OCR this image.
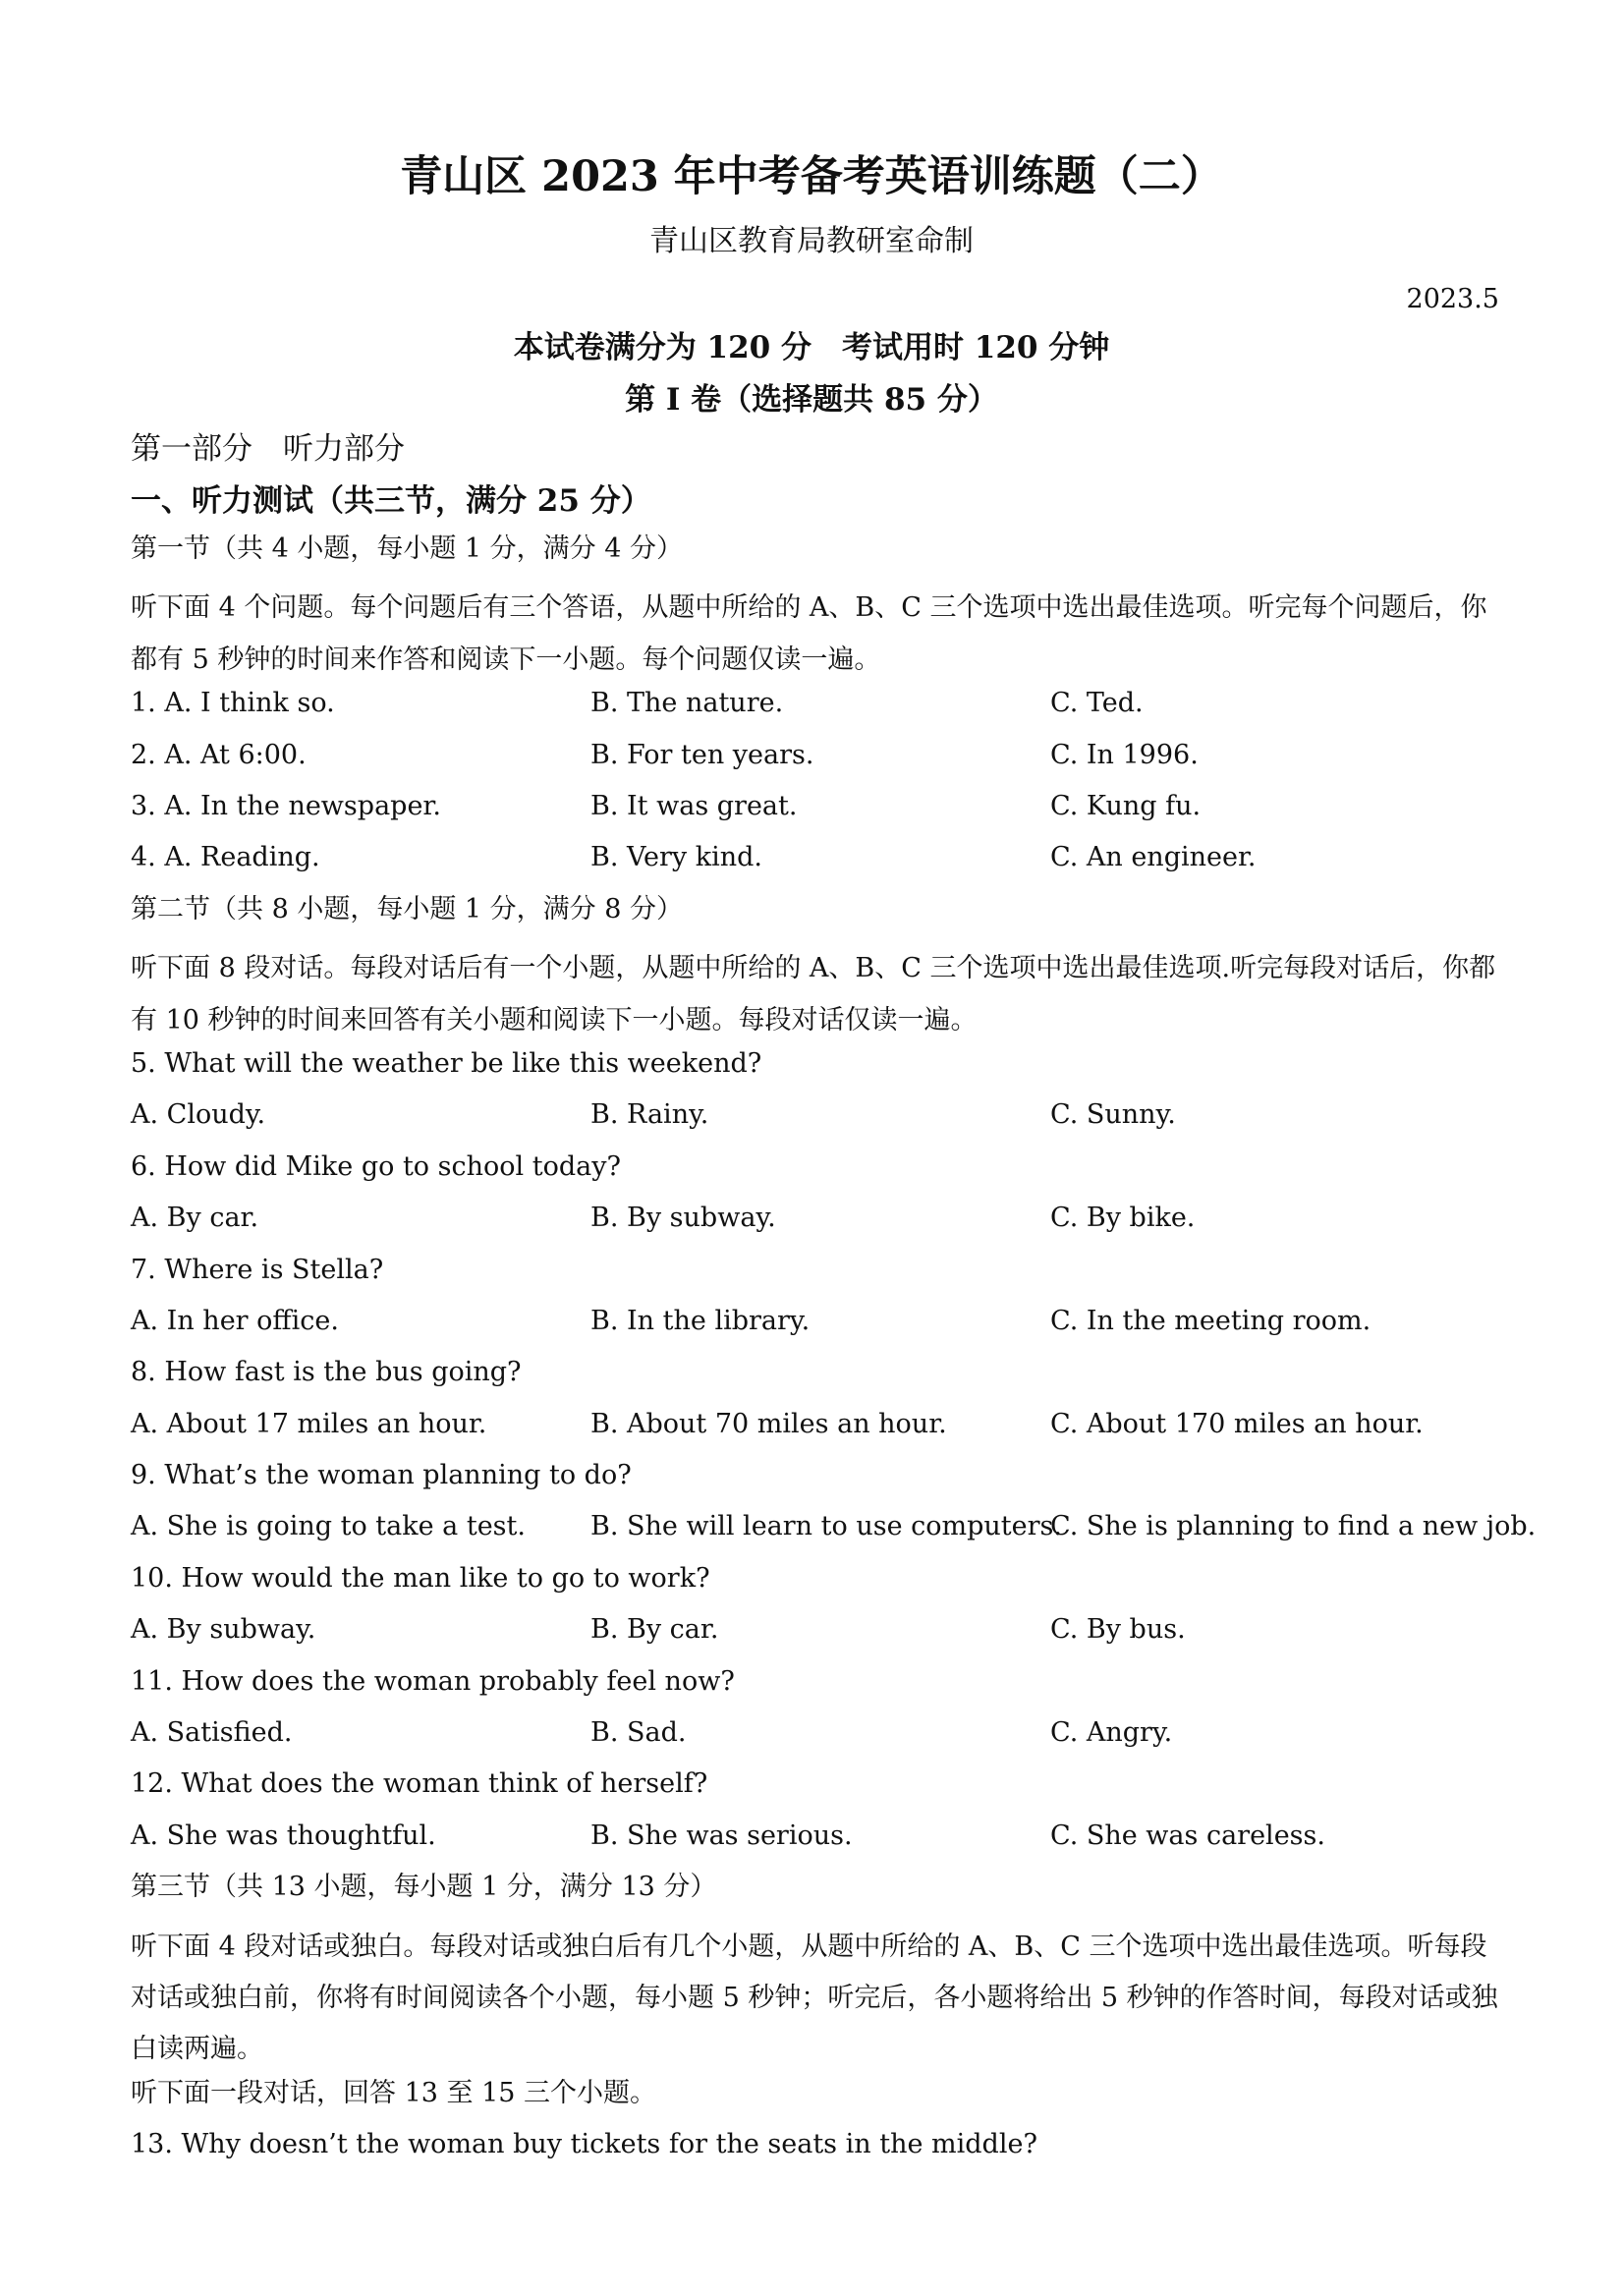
青山区 2023 年中考备考英语训练题（二）
青山区教育局教研室命制
2023.5
本试卷满分为 120 分　考试用时 120 分钟
第 I 卷（选择题共 85 分）
第一部分　听力部分
一、听力测试（共三节，满分 25 分）
第一节（共 4 小题，每小题 1 分，满分 4 分）
听下面 4 个问题。每个问题后有三个答语，从题中所给的 A、B、C 三个选项中选出最佳选项。听完每个问题后，你都有 5 秒钟的时间来作答和阅读下一小题。每个问题仅读一遍。
1. A. I think so.	B. The nature.	C. Ted.
2. A. At 6:00.	B. For ten years.	C. In 1996.
3. A. In the newspaper.	B. It was great.	C. Kung fu.
4. A. Reading.	B. Very kind.	C. An engineer.
第二节（共 8 小题，每小题 1 分，满分 8 分）
听下面 8 段对话。每段对话后有一个小题，从题中所给的 A、B、C 三个选项中选出最佳选项.听完每段对话后，你都有 10 秒钟的时间来回答有关小题和阅读下一小题。每段对话仅读一遍。
5. What will the weather be like this weekend?
A. Cloudy.	B. Rainy.	C. Sunny.
6. How did Mike go to school today?
A. By car.	B. By subway.	C. By bike.
7. Where is Stella?
A. In her office.	B. In the library.	C. In the meeting room.
8. How fast is the bus going?
A. About 17 miles an hour.	B. About 70 miles an hour.	C. About 170 miles an hour.
9. What’s the woman planning to do?
A. She is going to take a test.	B. She will learn to use computers.
C. She is planning to find a new job.
10. How would the man like to go to work?
A. By subway.	B. By car.	C. By bus.
11. How does the woman probably feel now?
A. Satisfied.	B. Sad.	C. Angry.
12. What does the woman think of herself?
A. She was thoughtful.	B. She was serious.	C. She was careless.
第三节（共 13 小题，每小题 1 分，满分 13 分）
听下面 4 段对话或独白。每段对话或独白后有几个小题，从题中所给的 A、B、C 三个选项中选出最佳选项。听每段对话或独白前，你将有时间阅读各个小题，每小题 5 秒钟；听完后，各小题将给出 5 秒钟的作答时间，每段对话或独白读两遍。
听下面一段对话，回答 13 至 15 三个小题。
13. Why doesn’t the woman buy tickets for the seats in the middle?
